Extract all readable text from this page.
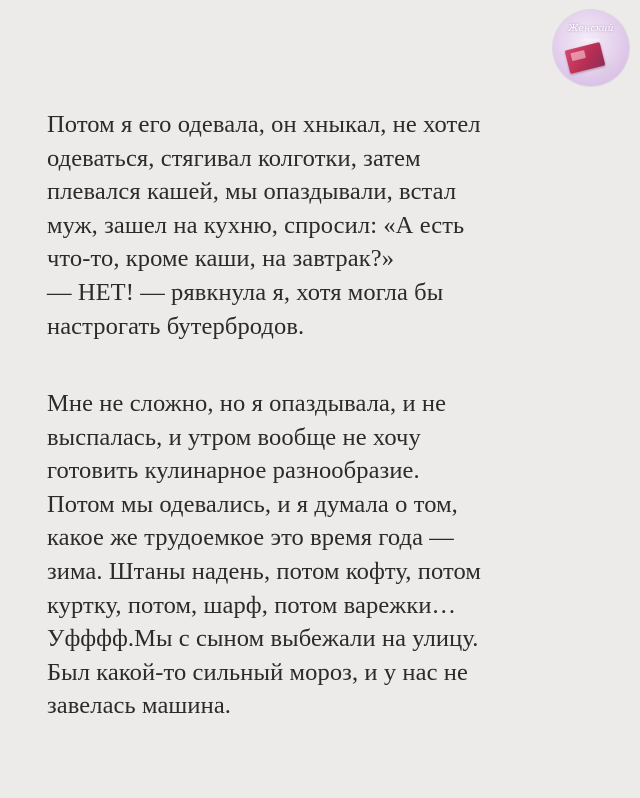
Женский
журнал

Потом я его одевала, он хныкал, не хотел
одеваться, стягивал колготки, затем
плевался кашей, мы опаздывали, встал
муж, зашел на кухню, спросил: «А есть
что-то, кроме каши, на завтрак?»
— НЕТ! — рявкнула я, хотя могла бы
настрогать бутербродов.

Мне не сложно, но я опаздывала, и не
выспалась, и утром вообще не хочу
готовить кулинарное разнообразие.
Потом мы одевались, и я думала о том,
какое же трудоемкое это время года —
зима. Штаны надень, потом кофту, потом
куртку, потом, шарф, потом варежки…
Уфффф.Мы с сыном выбежали на улицу.
Был какой-то сильный мороз, и у нас не
завелась машина.
